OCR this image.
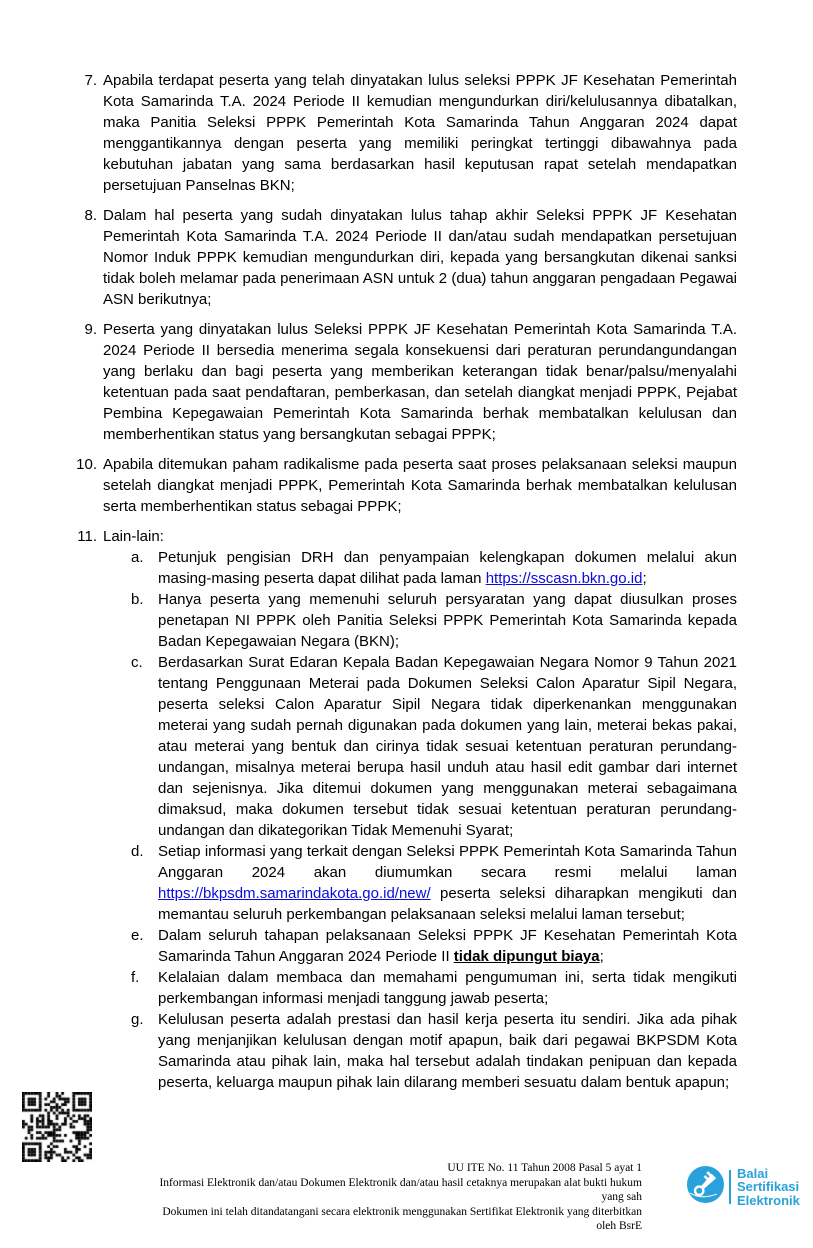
7. Apabila terdapat peserta yang telah dinyatakan lulus seleksi PPPK JF Kesehatan Pemerintah Kota Samarinda T.A. 2024 Periode II kemudian mengundurkan diri/kelulusannya dibatalkan, maka Panitia Seleksi PPPK Pemerintah Kota Samarinda Tahun Anggaran 2024 dapat menggantikannya dengan peserta yang memiliki peringkat tertinggi dibawahnya pada kebutuhan jabatan yang sama berdasarkan hasil keputusan rapat setelah mendapatkan persetujuan Panselnas BKN;
8. Dalam hal peserta yang sudah dinyatakan lulus tahap akhir Seleksi PPPK JF Kesehatan Pemerintah Kota Samarinda T.A. 2024 Periode II dan/atau sudah mendapatkan persetujuan Nomor Induk PPPK kemudian mengundurkan diri, kepada yang bersangkutan dikenai sanksi tidak boleh melamar pada penerimaan ASN untuk 2 (dua) tahun anggaran pengadaan Pegawai ASN berikutnya;
9. Peserta yang dinyatakan lulus Seleksi PPPK JF Kesehatan Pemerintah Kota Samarinda T.A. 2024 Periode II bersedia menerima segala konsekuensi dari peraturan perundangundangan yang berlaku dan bagi peserta yang memberikan keterangan tidak benar/palsu/menyalahi ketentuan pada saat pendaftaran, pemberkasan, dan setelah diangkat menjadi PPPK, Pejabat Pembina Kepegawaian Pemerintah Kota Samarinda berhak membatalkan kelulusan dan memberhentikan status yang bersangkutan sebagai PPPK;
10. Apabila ditemukan paham radikalisme pada peserta saat proses pelaksanaan seleksi maupun setelah diangkat menjadi PPPK, Pemerintah Kota Samarinda berhak membatalkan kelulusan serta memberhentikan status sebagai PPPK;
11. Lain-lain:
a. Petunjuk pengisian DRH dan penyampaian kelengkapan dokumen melalui akun masing-masing peserta dapat dilihat pada laman https://sscasn.bkn.go.id;
b. Hanya peserta yang memenuhi seluruh persyaratan yang dapat diusulkan proses penetapan NI PPPK oleh Panitia Seleksi PPPK Pemerintah Kota Samarinda kepada Badan Kepegawaian Negara (BKN);
c.	Berdasarkan Surat Edaran Kepala Badan Kepegawaian Negara Nomor 9 Tahun 2021 tentang Penggunaan Meterai pada Dokumen Seleksi Calon Aparatur Sipil Negara, peserta seleksi Calon Aparatur Sipil Negara tidak diperkenankan menggunakan meterai yang sudah pernah digunakan pada dokumen yang lain, meterai bekas pakai, atau meterai yang bentuk dan cirinya tidak sesuai ketentuan peraturan perundang-undangan, misalnya meterai berupa hasil unduh atau hasil edit gambar dari internet dan sejenisnya. Jika ditemui dokumen yang menggunakan meterai sebagaimana dimaksud, maka dokumen tersebut tidak sesuai ketentuan peraturan perundang-undangan dan dikategorikan Tidak Memenuhi Syarat;
d. Setiap informasi yang terkait dengan Seleksi PPPK Pemerintah Kota Samarinda Tahun Anggaran 2024 akan diumumkan secara resmi melalui laman https://bkpsdm.samarindakota.go.id/new/ peserta seleksi diharapkan mengikuti dan memantau seluruh perkembangan pelaksanaan seleksi melalui laman tersebut;
e. Dalam seluruh tahapan pelaksanaan Seleksi PPPK JF Kesehatan Pemerintah Kota Samarinda Tahun Anggaran 2024 Periode II tidak dipungut biaya;
f.	Kelalaian dalam membaca dan memahami pengumuman ini, serta tidak mengikuti perkembangan informasi menjadi tanggung jawab peserta;
g. Kelulusan peserta adalah prestasi dan hasil kerja peserta itu sendiri. Jika ada pihak yang menjanjikan kelulusan dengan motif apapun, baik dari pegawai BKPSDM Kota Samarinda atau pihak lain, maka hal tersebut adalah tindakan penipuan dan kepada peserta, keluarga maupun pihak lain dilarang memberi sesuatu dalam bentuk apapun;
UU ITE No. 11 Tahun 2008 Pasal 5 ayat 1
Informasi Elektronik dan/atau Dokumen Elektronik dan/atau hasil cetaknya merupakan alat bukti hukum yang sah
Dokumen ini telah ditandatangani secara elektronik menggunakan Sertifikat Elektronik yang diterbitkan oleh BsrE
Balai
Sertifikasi
Elektronik
